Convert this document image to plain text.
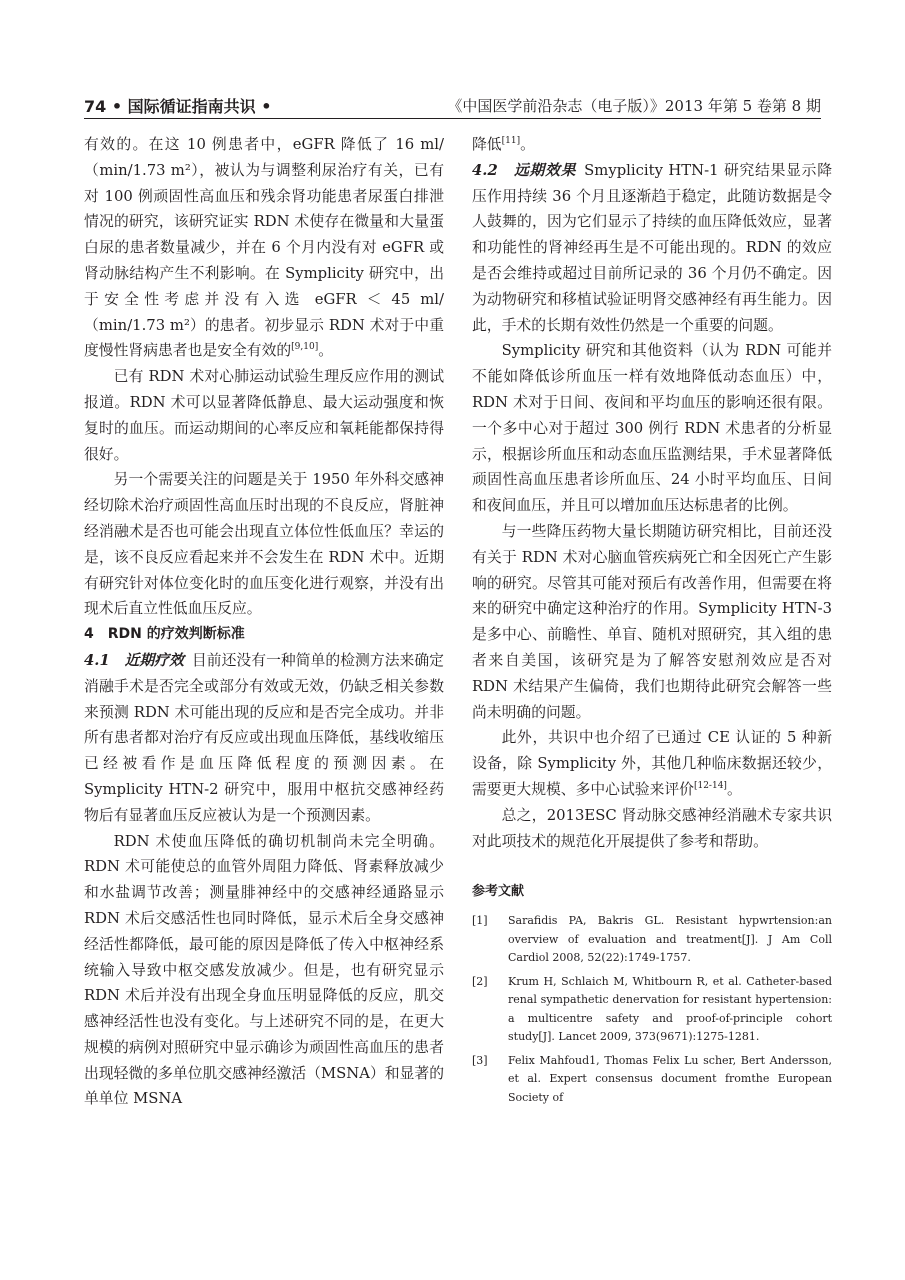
74 • 国际循证指南共识 •	《中国医学前沿杂志（电子版）》2013 年第 5 卷第 8 期

有效的。在这 10 例患者中，eGFR 降低了 16 ml/（min/1.73 m²），被认为与调整利尿治疗有关，已有对 100 例顽固性高血压和残余肾功能患者尿蛋白排泄情况的研究，该研究证实 RDN 术使存在微量和大量蛋白尿的患者数量减少，并在 6 个月内没有对 eGFR 或肾动脉结构产生不利影响。在 Symplicity 研究中，出于安全性考虑并没有入选 eGFR ＜ 45 ml/（min/1.73 m²）的患者。初步显示 RDN 术对于中重度慢性肾病患者也是安全有效的[9,10]。

已有 RDN 术对心肺运动试验生理反应作用的测试报道。RDN 术可以显著降低静息、最大运动强度和恢复时的血压。而运动期间的心率反应和氧耗能都保持得很好。

另一个需要关注的问题是关于 1950 年外科交感神经切除术治疗顽固性高血压时出现的不良反应，肾脏神经消融术是否也可能会出现直立体位性低血压？幸运的是，该不良反应看起来并不会发生在 RDN 术中。近期有研究针对体位变化时的血压变化进行观察，并没有出现术后直立性低血压反应。

4　RDN 的疗效判断标准

4.1　近期疗效 目前还没有一种简单的检测方法来确定消融手术是否完全或部分有效或无效，仍缺乏相关参数来预测 RDN 术可能出现的反应和是否完全成功。并非所有患者都对治疗有反应或出现血压降低，基线收缩压已经被看作是血压降低程度的预测因素。在 Symplicity HTN-2 研究中，服用中枢抗交感神经药物后有显著血压反应被认为是一个预测因素。

RDN 术使血压降低的确切机制尚未完全明确。RDN 术可能使总的血管外周阻力降低、肾素释放减少和水盐调节改善；测量腓神经中的交感神经通路显示 RDN 术后交感活性也同时降低，显示术后全身交感神经活性都降低，最可能的原因是降低了传入中枢神经系统输入导致中枢交感发放减少。但是，也有研究显示 RDN 术后并没有出现全身血压明显降低的反应，肌交感神经活性也没有变化。与上述研究不同的是，在更大规模的病例对照研究中显示确诊为顽固性高血压的患者出现轻微的多单位肌交感神经激活（MSNA）和显著的单单位 MSNA

降低[11]。

4.2　远期效果 Smyplicity HTN-1 研究结果显示降压作用持续 36 个月且逐渐趋于稳定，此随访数据是令人鼓舞的，因为它们显示了持续的血压降低效应，显著和功能性的肾神经再生是不可能出现的。RDN 的效应是否会维持或超过目前所记录的 36 个月仍不确定。因为动物研究和移植试验证明肾交感神经有再生能力。因此，手术的长期有效性仍然是一个重要的问题。

Symplicity 研究和其他资料（认为 RDN 可能并不能如降低诊所血压一样有效地降低动态血压）中，RDN 术对于日间、夜间和平均血压的影响还很有限。一个多中心对于超过 300 例行 RDN 术患者的分析显示，根据诊所血压和动态血压监测结果，手术显著降低顽固性高血压患者诊所血压、24 小时平均血压、日间和夜间血压，并且可以增加血压达标患者的比例。

与一些降压药物大量长期随访研究相比，目前还没有关于 RDN 术对心脑血管疾病死亡和全因死亡产生影响的研究。尽管其可能对预后有改善作用，但需要在将来的研究中确定这种治疗的作用。Symplicity HTN-3 是多中心、前瞻性、单盲、随机对照研究，其入组的患者来自美国，该研究是为了解答安慰剂效应是否对 RDN 术结果产生偏倚，我们也期待此研究会解答一些尚未明确的问题。

此外，共识中也介绍了已通过 CE 认证的 5 种新设备，除 Symplicity 外，其他几种临床数据还较少，需要更大规模、多中心试验来评价[12-14]。

总之，2013ESC 肾动脉交感神经消融术专家共识对此项技术的规范化开展提供了参考和帮助。

参考文献
[1]	Sarafidis PA, Bakris GL. Resistant hypwrtension:an overview of evaluation and treatment[J]. J Am Coll Cardiol 2008, 52(22):1749-1757.
[2]	Krum H, Schlaich M, Whitbourn R, et al. Catheter-based renal sympathetic denervation for resistant hypertension: a multicentre safety and proof-of-principle cohort study[J]. Lancet 2009, 373(9671):1275-1281.
[3]	Felix Mahfoud1, Thomas Felix Lu scher, Bert Andersson, et al. Expert consensus document fromthe European Society of
